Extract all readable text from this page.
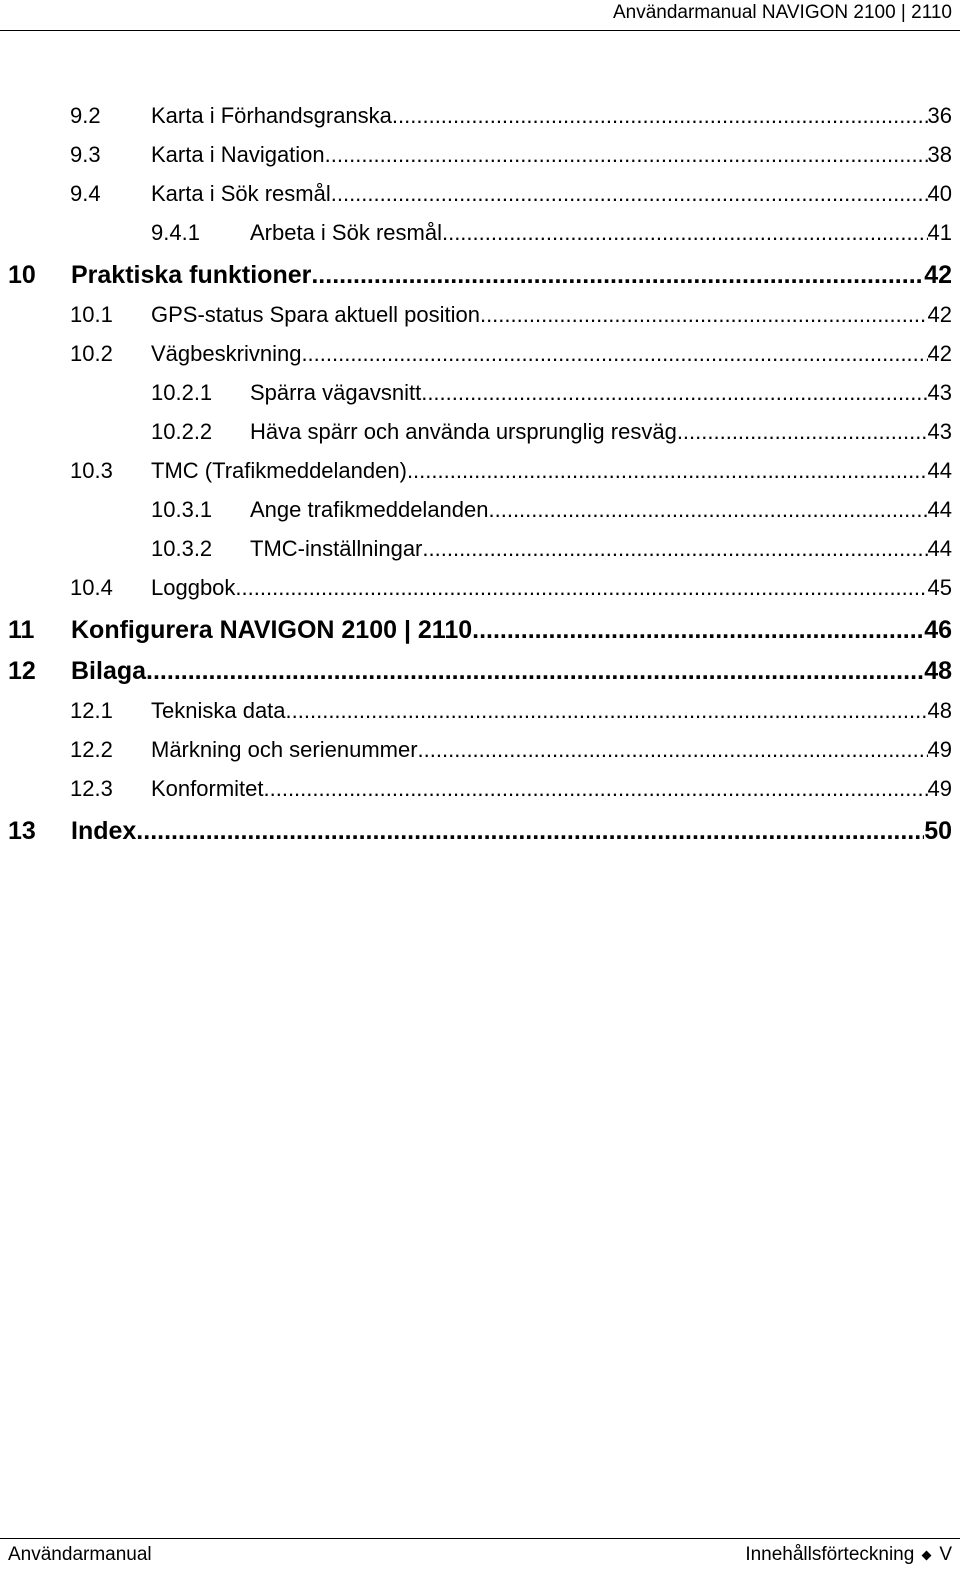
Användarmanual NAVIGON 2100 | 2110
9.2	Karta i Förhandsgranska .....	36
9.3	Karta i Navigation .....	38
9.4	Karta i Sök resmål .....	40
9.4.1	Arbeta i Sök resmål .....	41
10	Praktiska funktioner .....	42
10.1	GPS-status Spara aktuell position .....	42
10.2	Vägbeskrivning .....	42
10.2.1	Spärra vägavsnitt .....	43
10.2.2	Häva spärr och använda ursprunglig resväg .....	43
10.3	TMC (Trafikmeddelanden) .....	44
10.3.1	Ange trafikmeddelanden .....	44
10.3.2	TMC-inställningar .....	44
10.4	Loggbok .....	45
11	Konfigurera NAVIGON 2100 | 2110 .....	46
12	Bilaga .....	48
12.1	Tekniska data .....	48
12.2	Märkning och serienummer .....	49
12.3	Konformitet .....	49
13	Index .....	50
Användarmanual	Innehållsförteckning V
